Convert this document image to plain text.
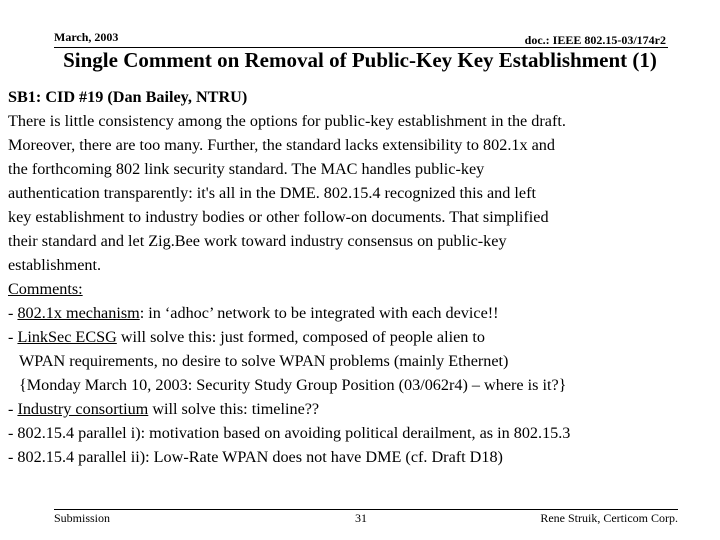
March, 2003	doc.: IEEE 802.15-03/174r2
Single Comment on Removal of Public-Key Key Establishment (1)
SB1: CID #19 (Dan Bailey, NTRU)
There is little consistency among the options for public-key establishment in the draft.
Moreover, there are too many. Further, the standard lacks extensibility to 802.1x and
the forthcoming 802 link security standard. The MAC handles public-key
authentication transparently: it's all in the DME. 802.15.4 recognized this and left
key establishment to industry bodies or other follow-on documents. That simplified
their standard and let Zig.Bee work toward industry consensus on public-key
establishment.
Comments:
- 802.1x mechanism: in ‘adhoc’ network to be integrated with each device!!
- LinkSec ECSG will solve this: just formed, composed of people alien to
WPAN requirements, no desire to solve WPAN problems (mainly Ethernet)
{Monday March 10, 2003: Security Study Group Position (03/062r4) – where is it?}
- Industry consortium will solve this: timeline??
- 802.15.4 parallel i): motivation based on avoiding political derailment, as in 802.15.3
- 802.15.4 parallel ii): Low-Rate WPAN does not have DME (cf. Draft D18)
Submission	31	Rene Struik, Certicom Corp.
